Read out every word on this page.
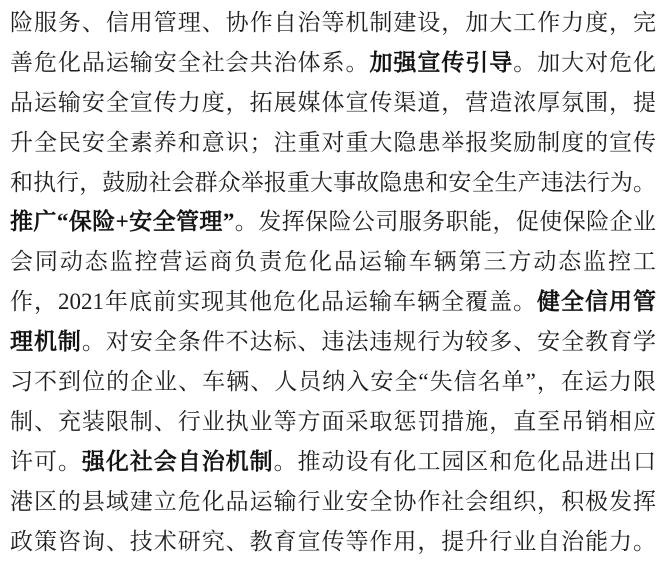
险服务、信用管理、协作自治等机制建设，加大工作力度，完
善危化品运输安全社会共治体系。加强宣传引导。加大对危化
品运输安全宣传力度，拓展媒体宣传渠道，营造浓厚氛围，提
升全民安全素养和意识；注重对重大隐患举报奖励制度的宣传
和执行，鼓励社会群众举报重大事故隐患和安全生产违法行为。
推广“保险+安全管理”。发挥保险公司服务职能，促使保险企业
会同动态监控营运商负责危化品运输车辆第三方动态监控工
作，2021年底前实现其他危化品运输车辆全覆盖。健全信用管
理机制。对安全条件不达标、违法违规行为较多、安全教育学
习不到位的企业、车辆、人员纳入安全“失信名单”，在运力限
制、充装限制、行业执业等方面采取惩罚措施，直至吊销相应
许可。强化社会自治机制。推动设有化工园区和危化品进出口
港区的县域建立危化品运输行业安全协作社会组织，积极发挥
政策咨询、技术研究、教育宣传等作用，提升行业自治能力。
